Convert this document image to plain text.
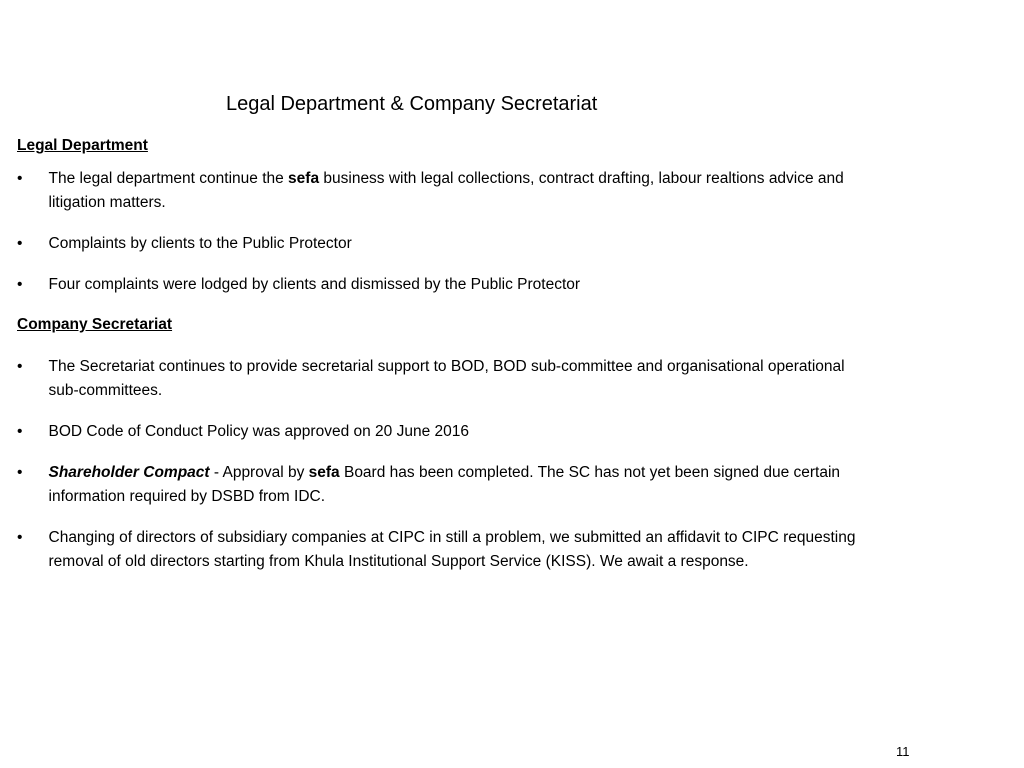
Legal Department & Company Secretariat
Legal Department
•	The legal department continue the sefa business with legal collections, contract drafting, labour realtions advice and litigation matters.
•	Complaints by clients to the Public Protector
•	Four complaints were lodged by clients and dismissed by the Public Protector
Company Secretariat
•	The Secretariat continues to provide secretarial support to BOD, BOD sub-committee and organisational operational sub-committees.
•	BOD Code of Conduct Policy was approved on 20 June 2016
•	Shareholder Compact - Approval by sefa Board has been completed. The SC has not yet been signed due certain information required by DSBD from IDC.
•	Changing of directors of subsidiary companies at CIPC in still a problem, we submitted an affidavit to CIPC requesting removal of old directors starting from Khula Institutional Support Service (KISS). We await a response.
11
